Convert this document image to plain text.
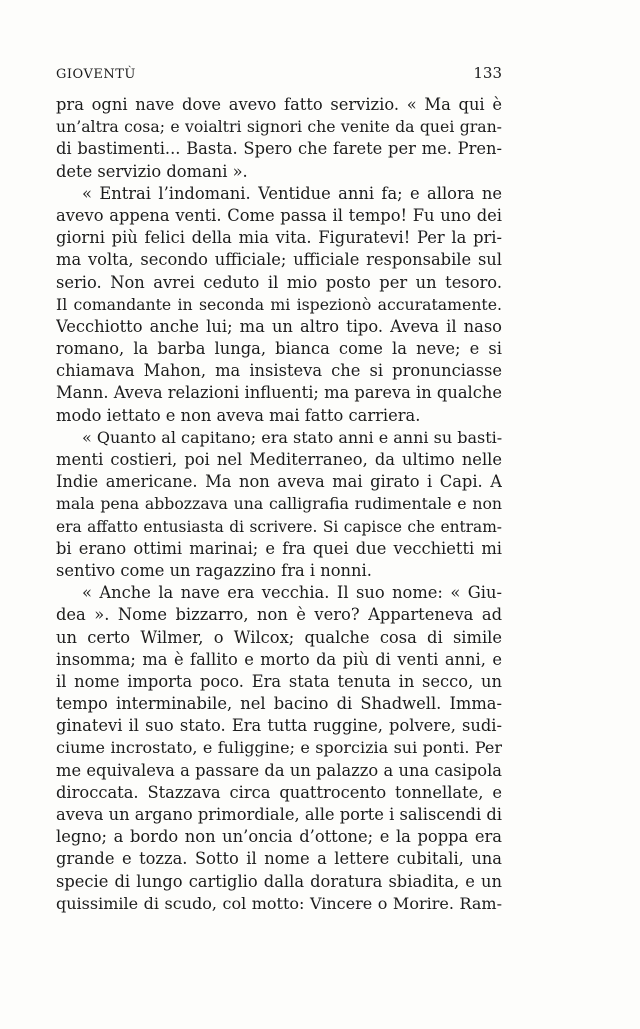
GIOVENTÙ	133
pra ogni nave dove avevo fatto servizio. « Ma qui è
un’altra cosa; e voialtri signori che venite da quei gran-
di bastimenti... Basta. Spero che farete per me. Pren-
dete servizio domani ».
« Entrai l’indomani. Ventidue anni fa; e allora ne
avevo appena venti. Come passa il tempo! Fu uno dei
giorni più felici della mia vita. Figuratevi! Per la pri-
ma volta, secondo ufficiale; ufficiale responsabile sul
serio. Non avrei ceduto il mio posto per un tesoro.
Il comandante in seconda mi ispezionò accuratamente.
Vecchiotto anche lui; ma un altro tipo. Aveva il naso
romano, la barba lunga, bianca come la neve; e si
chiamava Mahon, ma insisteva che si pronunciasse
Mann. Aveva relazioni influenti; ma pareva in qualche
modo iettato e non aveva mai fatto carriera.
« Quanto al capitano; era stato anni e anni su basti-
menti costieri, poi nel Mediterraneo, da ultimo nelle
Indie americane. Ma non aveva mai girato i Capi. A
mala pena abbozzava una calligrafia rudimentale e non
era affatto entusiasta di scrivere. Si capisce che entram-
bi erano ottimi marinai; e fra quei due vecchietti mi
sentivo come un ragazzino fra i nonni.
« Anche la nave era vecchia. Il suo nome: « Giu-
dea ». Nome bizzarro, non è vero? Apparteneva ad
un certo Wilmer, o Wilcox; qualche cosa di simile
insomma; ma è fallito e morto da più di venti anni, e
il nome importa poco. Era stata tenuta in secco, un
tempo interminabile, nel bacino di Shadwell. Imma-
ginatevi il suo stato. Era tutta ruggine, polvere, sudi-
ciume incrostato, e fuliggine; e sporcizia sui ponti. Per
me equivaleva a passare da un palazzo a una casipola
diroccata. Stazzava circa quattrocento tonnellate, e
aveva un argano primordiale, alle porte i saliscendi di
legno; a bordo non un’oncia d’ottone; e la poppa era
grande e tozza. Sotto il nome a lettere cubitali, una
specie di lungo cartiglio dalla doratura sbiadita, e un
quissimile di scudo, col motto: Vincere o Morire. Ram-
